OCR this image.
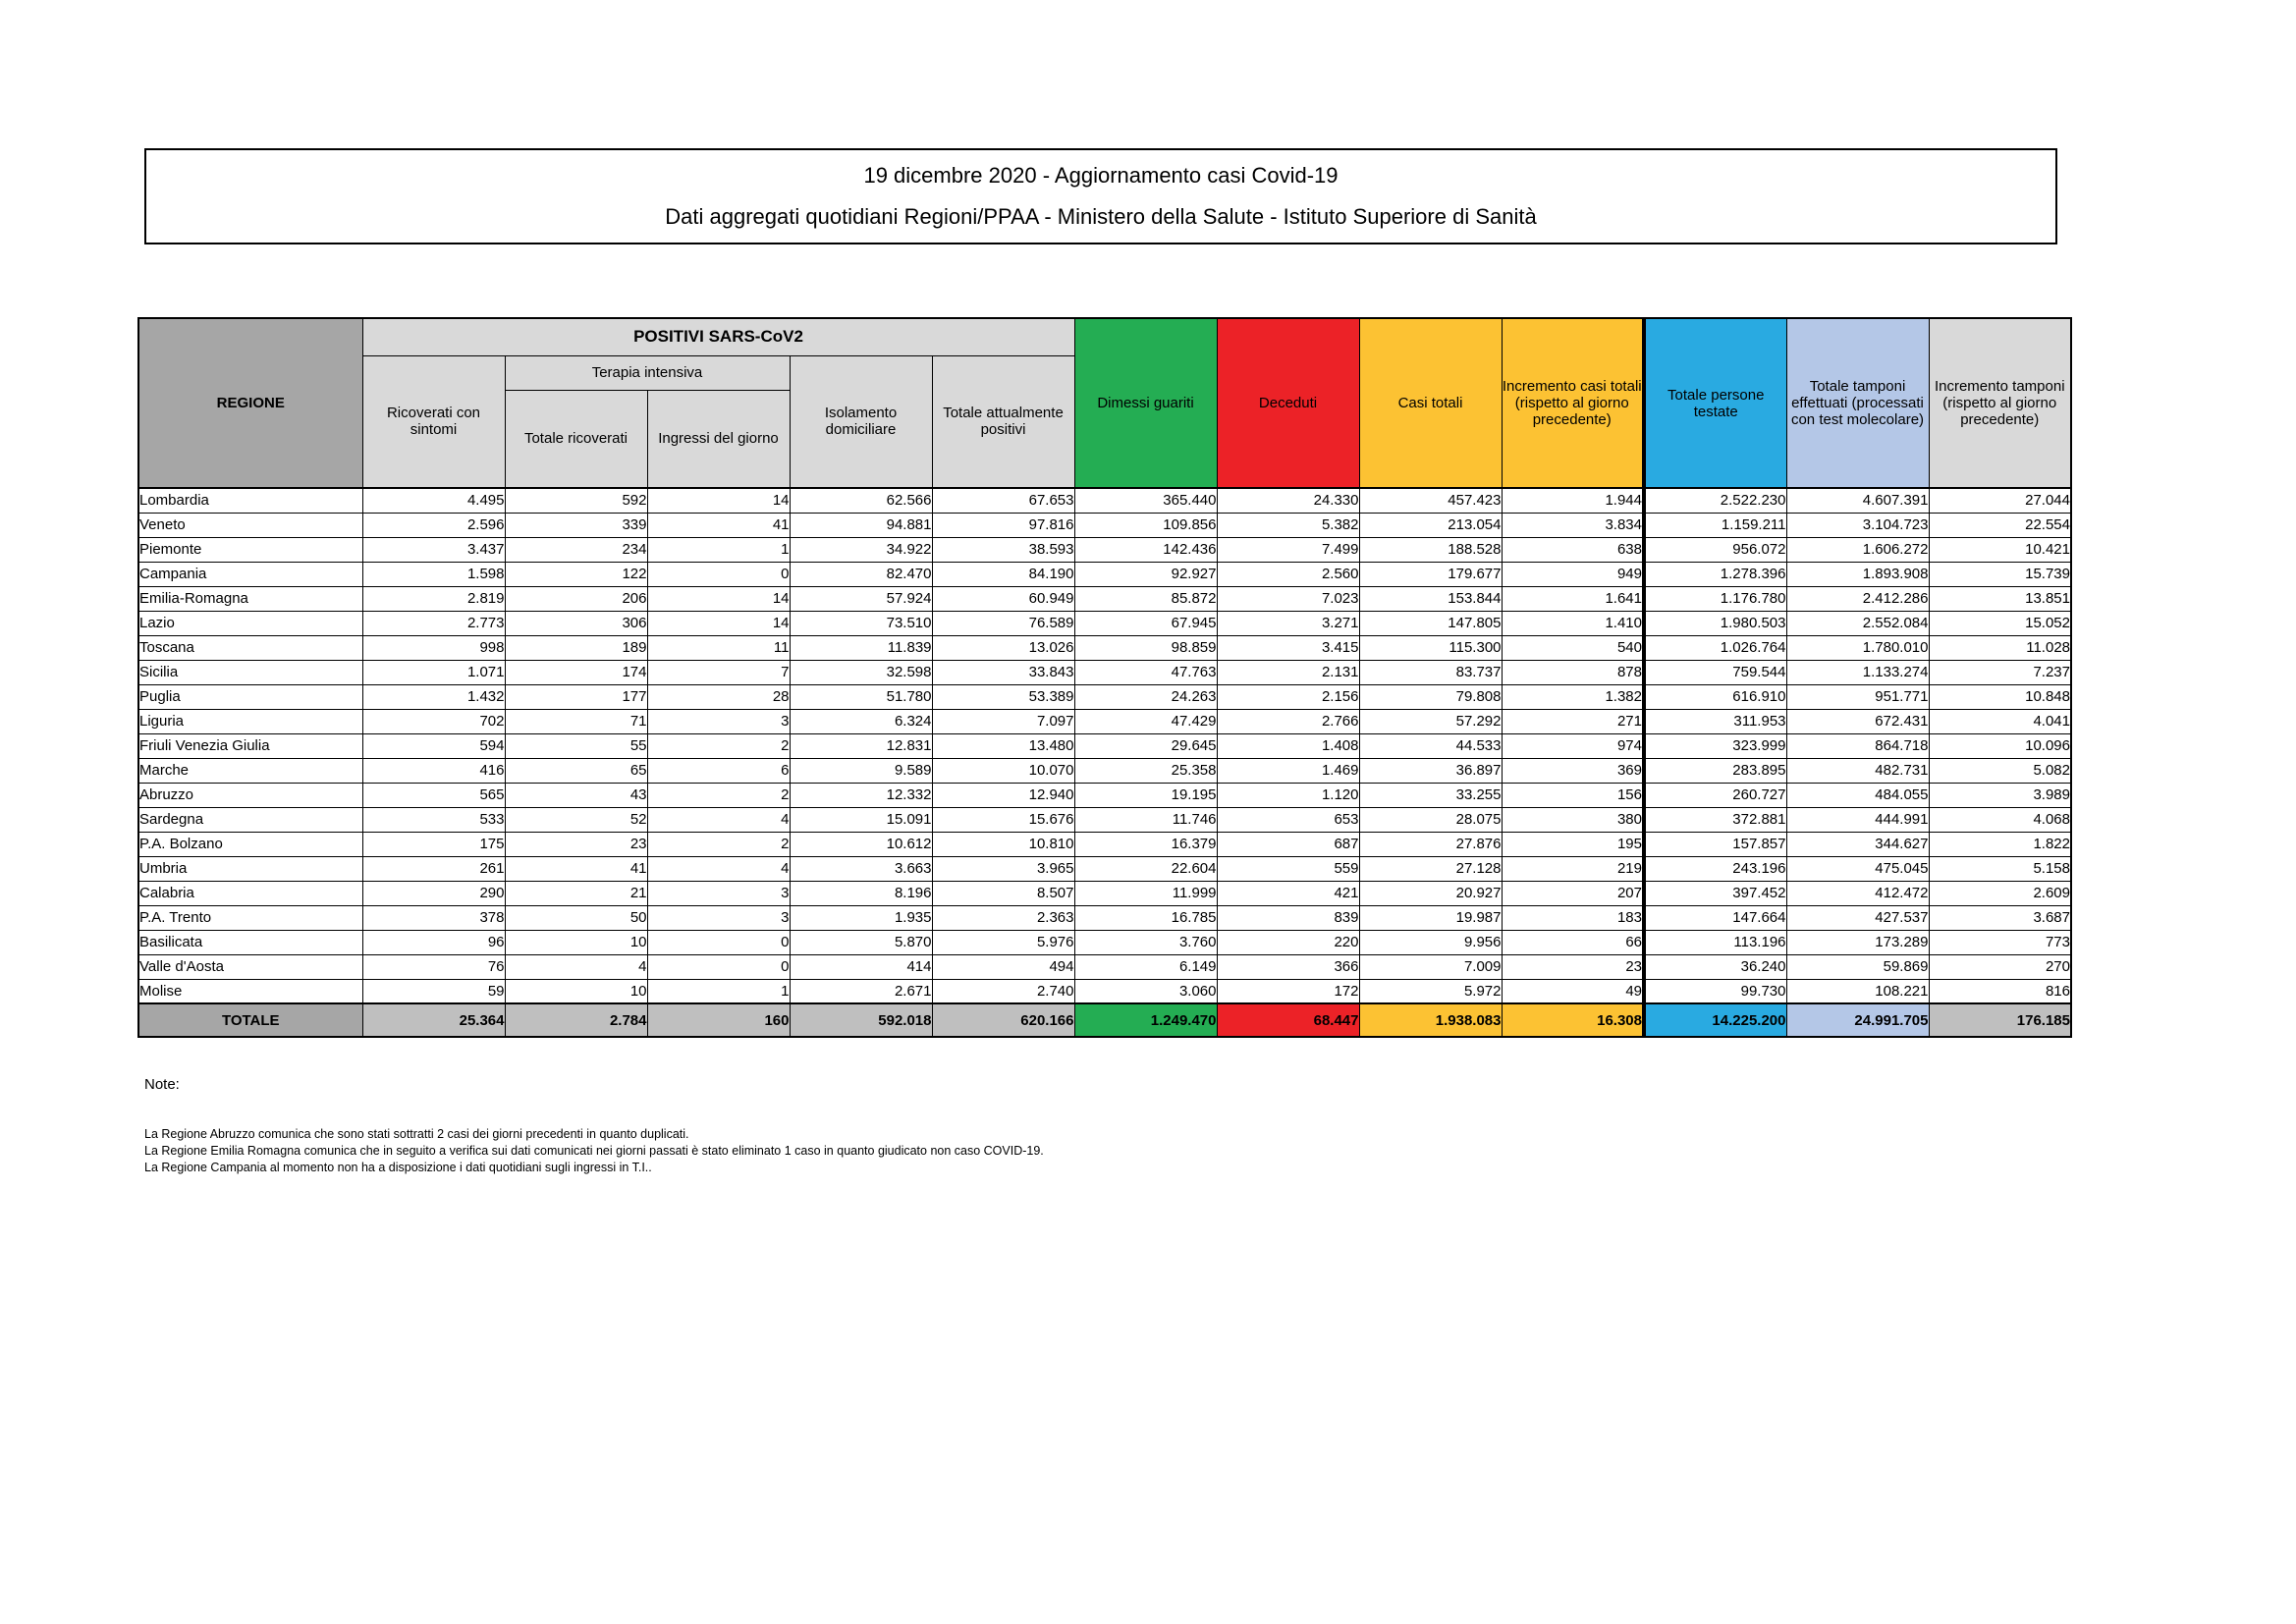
19 dicembre 2020 - Aggiornamento casi Covid-19
Dati aggregati quotidiani Regioni/PPAA - Ministero della Salute - Istituto Superiore di Sanità
REGIONE	POSITIVI SARS-CoV2					Dimessi guariti	Deceduti	Casi totali	Incremento casi totali (rispetto al giorno precedente)	Totale persone testate	Totale tamponi effettuati (processati con test molecolare)	Incremento tamponi (rispetto al giorno precedente)
	Ricoverati con sintomi	Terapia intensiva		Isolamento domiciliare	Totale attualmente positivi							
		Totale ricoverati	Ingressi del giorno									
Lombardia	4.495	592	14	62.566	67.653	365.440	24.330	457.423	1.944	2.522.230	4.607.391	27.044
Veneto	2.596	339	41	94.881	97.816	109.856	5.382	213.054	3.834	1.159.211	3.104.723	22.554
Piemonte	3.437	234	1	34.922	38.593	142.436	7.499	188.528	638	956.072	1.606.272	10.421
Campania	1.598	122	0	82.470	84.190	92.927	2.560	179.677	949	1.278.396	1.893.908	15.739
Emilia-Romagna	2.819	206	14	57.924	60.949	85.872	7.023	153.844	1.641	1.176.780	2.412.286	13.851
Lazio	2.773	306	14	73.510	76.589	67.945	3.271	147.805	1.410	1.980.503	2.552.084	15.052
Toscana	998	189	11	11.839	13.026	98.859	3.415	115.300	540	1.026.764	1.780.010	11.028
Sicilia	1.071	174	7	32.598	33.843	47.763	2.131	83.737	878	759.544	1.133.274	7.237
Puglia	1.432	177	28	51.780	53.389	24.263	2.156	79.808	1.382	616.910	951.771	10.848
Liguria	702	71	3	6.324	7.097	47.429	2.766	57.292	271	311.953	672.431	4.041
Friuli Venezia Giulia	594	55	2	12.831	13.480	29.645	1.408	44.533	974	323.999	864.718	10.096
Marche	416	65	6	9.589	10.070	25.358	1.469	36.897	369	283.895	482.731	5.082
Abruzzo	565	43	2	12.332	12.940	19.195	1.120	33.255	156	260.727	484.055	3.989
Sardegna	533	52	4	15.091	15.676	11.746	653	28.075	380	372.881	444.991	4.068
P.A. Bolzano	175	23	2	10.612	10.810	16.379	687	27.876	195	157.857	344.627	1.822
Umbria	261	41	4	3.663	3.965	22.604	559	27.128	219	243.196	475.045	5.158
Calabria	290	21	3	8.196	8.507	11.999	421	20.927	207	397.452	412.472	2.609
P.A. Trento	378	50	3	1.935	2.363	16.785	839	19.987	183	147.664	427.537	3.687
Basilicata	96	10	0	5.870	5.976	3.760	220	9.956	66	113.196	173.289	773
Valle d'Aosta	76	4	0	414	494	6.149	366	7.009	23	36.240	59.869	270
Molise	59	10	1	2.671	2.740	3.060	172	5.972	49	99.730	108.221	816
TOTALE	25.364	2.784	160	592.018	620.166	1.249.470	68.447	1.938.083	16.308	14.225.200	24.991.705	176.185
Note:
La Regione Abruzzo comunica che sono stati sottratti 2 casi dei giorni precedenti in quanto duplicati.
La Regione Emilia Romagna comunica che in seguito a verifica sui dati comunicati nei giorni passati è stato eliminato 1 caso in quanto giudicato non caso COVID-19.
La Regione Campania al momento non ha a disposizione i dati quotidiani sugli ingressi in T.I..
